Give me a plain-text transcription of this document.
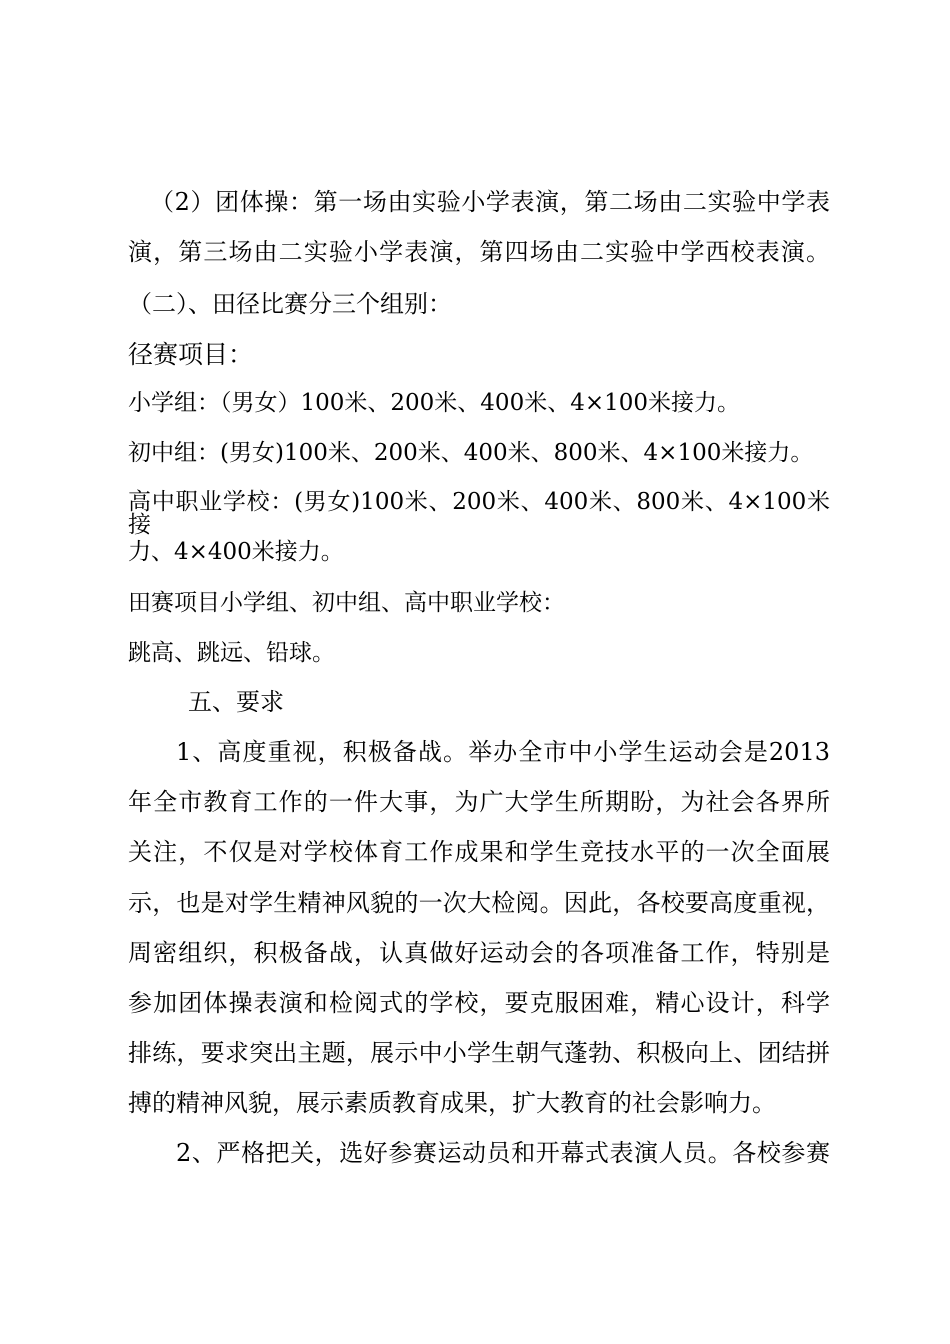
（2）团体操：第一场由实验小学表演，第二场由二实验中学表
演，第三场由二实验小学表演，第四场由二实验中学西校表演。
（二）、田径比赛分三个组别：
径赛项目：
小学组：（男女）100米、200米、400米、4×100米接力。
初中组：(男女)100米、200米、400米、800米、4×100米接力。
高中职业学校：(男女)100米、200米、400米、800米、4×100米接
力、4×400米接力。
田赛项目小学组、初中组、高中职业学校：
跳高、跳远、铅球。
五、要求
1、高度重视，积极备战。举办全市中小学生运动会是2013
年全市教育工作的一件大事，为广大学生所期盼，为社会各界所
关注，不仅是对学校体育工作成果和学生竞技水平的一次全面展
示，也是对学生精神风貌的一次大检阅。因此，各校要高度重视，
周密组织，积极备战，认真做好运动会的各项准备工作，特别是
参加团体操表演和检阅式的学校，要克服困难，精心设计，科学
排练，要求突出主题，展示中小学生朝气蓬勃、积极向上、团结拼
搏的精神风貌，展示素质教育成果，扩大教育的社会影响力。
2、严格把关，选好参赛运动员和开幕式表演人员。各校参赛
